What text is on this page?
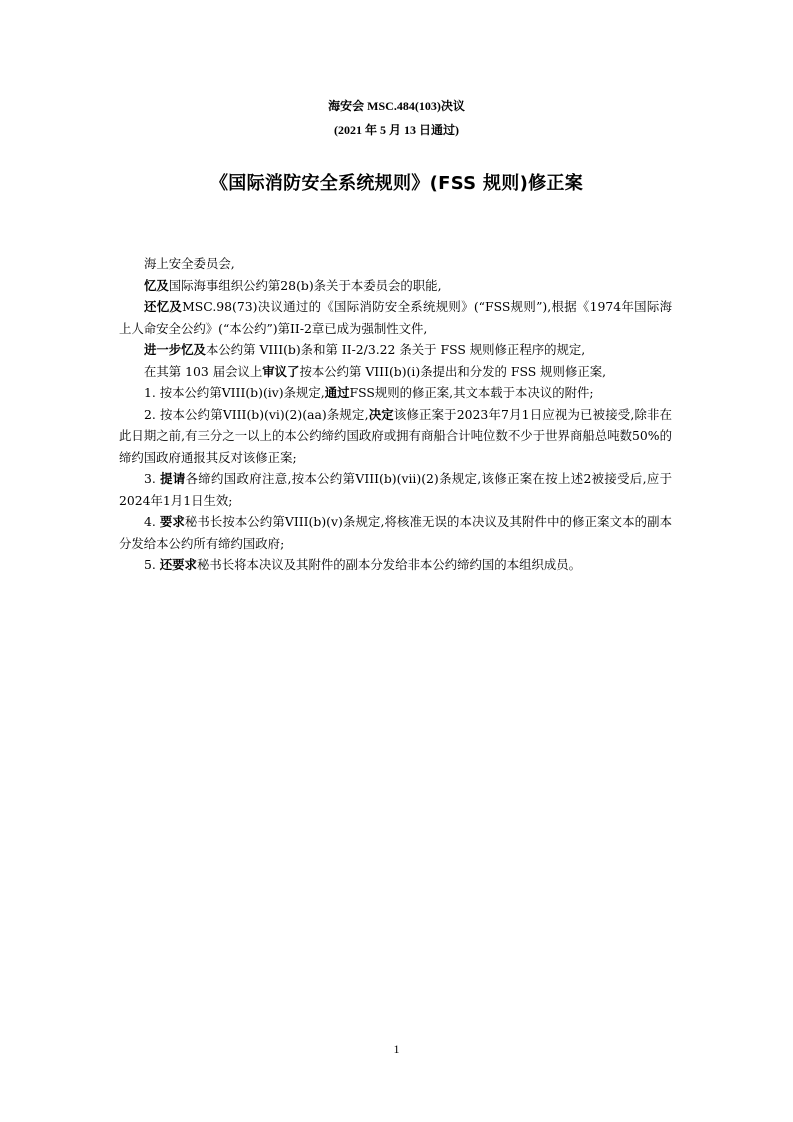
海安会 MSC.484(103)决议
(2021 年 5 月 13 日通过)
《国际消防安全系统规则》(FSS 规则)修正案

海上安全委员会,

忆及国际海事组织公约第28(b)条关于本委员会的职能,

还忆及MSC.98(73)决议通过的《国际消防安全系统规则》(“FSS规则”),根据《1974年国际海上人命安全公约》(“本公约”)第II-2章已成为强制性文件,

进一步忆及本公约第 VIII(b)条和第 II-2/3.22 条关于 FSS 规则修正程序的规定,

在其第 103 届会议上审议了按本公约第 VIII(b)(i)条提出和分发的 FSS 规则修正案,

1. 按本公约第VIII(b)(iv)条规定,通过FSS规则的修正案,其文本载于本决议的附件;

2. 按本公约第VIII(b)(vi)(2)(aa)条规定,决定该修正案于2023年7月1日应视为已被接受,除非在此日期之前,有三分之一以上的本公约缔约国政府或拥有商船合计吨位数不少于世界商船总吨数50%的缔约国政府通报其反对该修正案;

3. 提请各缔约国政府注意,按本公约第VIII(b)(vii)(2)条规定,该修正案在按上述2被接受后,应于2024年1月1日生效;

4. 要求秘书长按本公约第VIII(b)(v)条规定,将核准无误的本决议及其附件中的修正案文本的副本分发给本公约所有缔约国政府;

5. 还要求秘书长将本决议及其附件的副本分发给非本公约缔约国的本组织成员。

1
